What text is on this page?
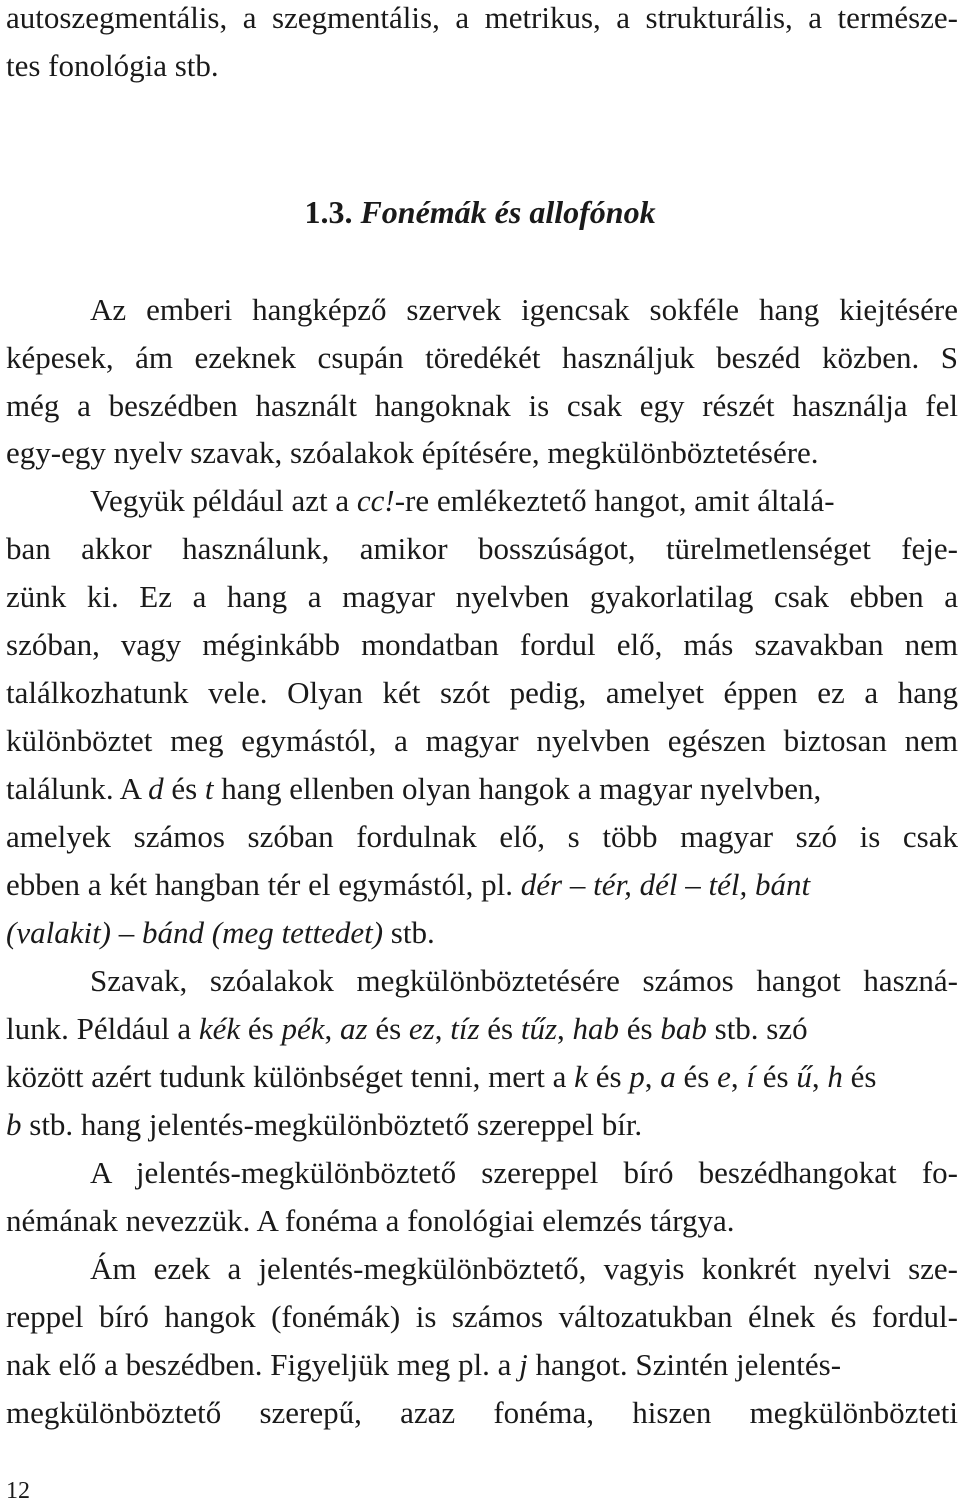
autoszegmentális, a szegmentális, a metrikus, a strukturális, a természe-
tes fonológia stb.
1.3. Fonémák és allofónok
Az emberi hangképző szervek igencsak sokféle hang kiejtésére
képesek, ám ezeknek csupán töredékét használjuk beszéd közben. S
még a beszédben használt hangoknak is csak egy részét használja fel
egy-egy nyelv szavak, szóalakok építésére, megkülönböztetésére.
Vegyük például azt a cc!-re emlékeztető hangot, amit általá-
ban akkor használunk, amikor bosszúságot, türelmetlenséget feje-
zünk ki. Ez a hang a magyar nyelvben gyakorlatilag csak ebben a
szóban, vagy méginkább mondatban fordul elő, más szavakban nem
találkozhatunk vele. Olyan két szót pedig, amelyet éppen ez a hang
különböztet meg egymástól, a magyar nyelvben egészen biztosan nem
találunk. A d és t hang ellenben olyan hangok a magyar nyelvben,
amelyek számos szóban fordulnak elő, s több magyar szó is csak
ebben a két hangban tér el egymástól, pl. dér – tér, dél – tél, bánt
(valakit) – bánd (meg tettedet) stb.
Szavak, szóalakok megkülönböztetésére számos hangot haszná-
lunk. Például a kék és pék, az és ez, tíz és tűz, hab és bab stb. szó
között azért tudunk különbséget tenni, mert a k és p, a és e, í és ű, h és
b stb. hang jelentés-megkülönböztető szereppel bír.
A jelentés-megkülönböztető szereppel bíró beszédhangokat fo-
némának nevezzük. A fonéma a fonológiai elemzés tárgya.
Ám ezek a jelentés-megkülönböztető, vagyis konkrét nyelvi sze-
reppel bíró hangok (fonémák) is számos változatukban élnek és fordul-
nak elő a beszédben. Figyeljük meg pl. a j hangot. Szintén jelentés-
megkülönböztető szerepű, azaz fonéma, hiszen megkülönbözteti
12
